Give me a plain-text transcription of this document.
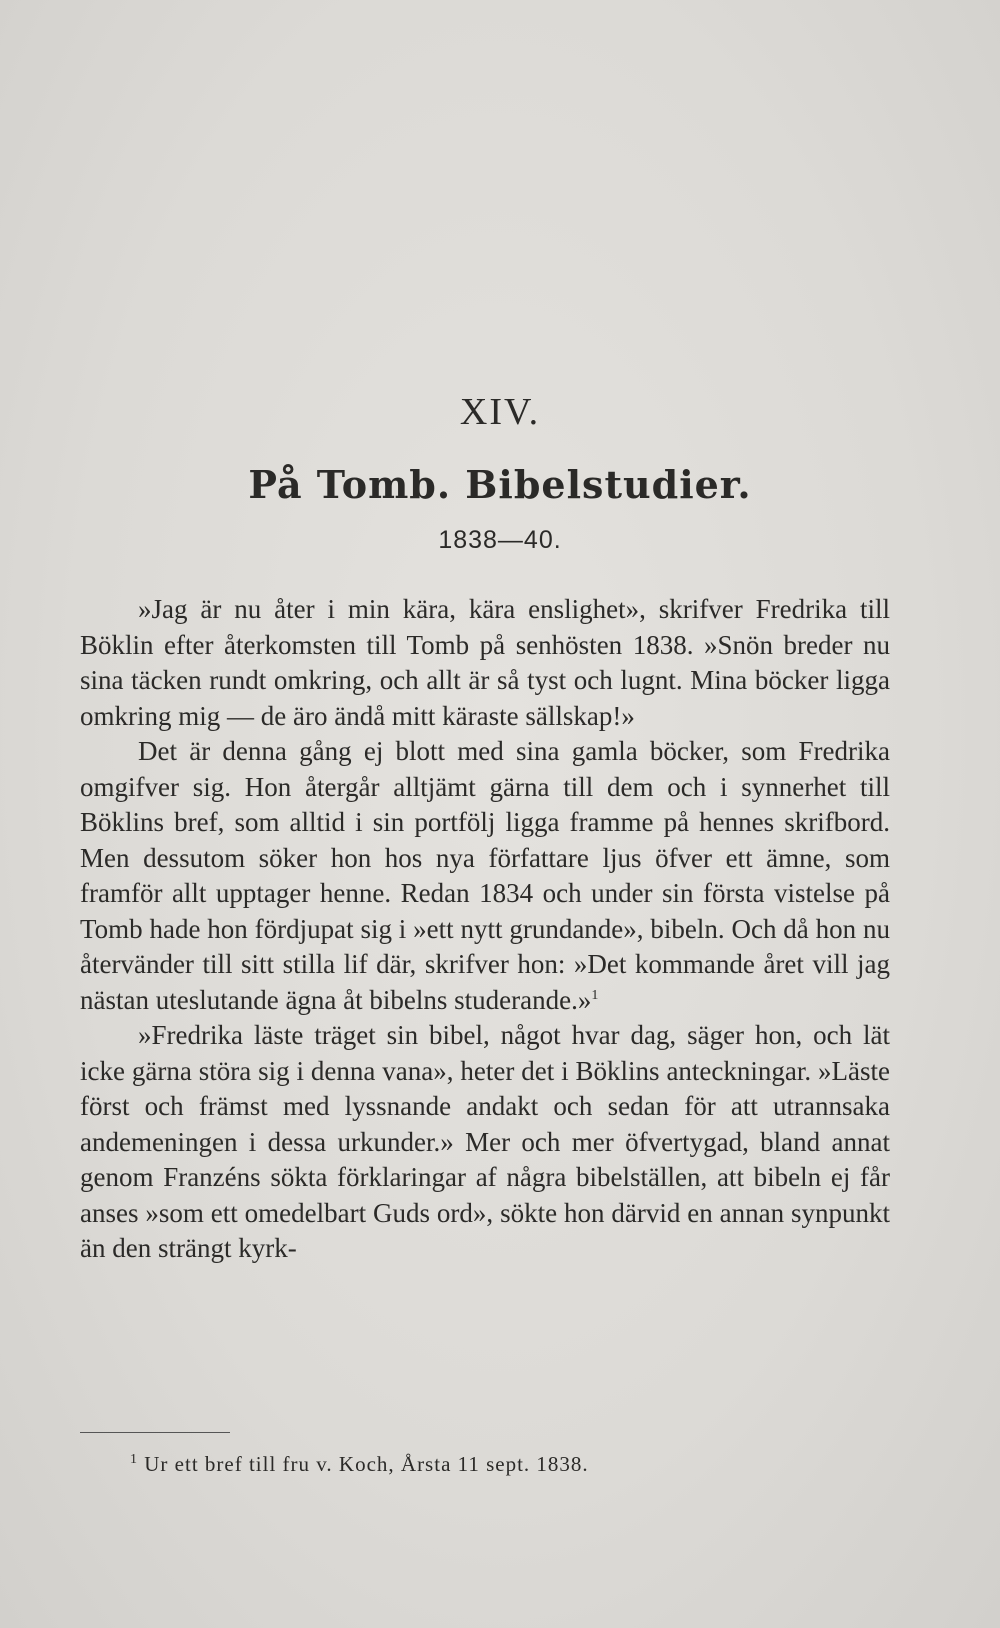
XIV.
På Tomb. Bibelstudier.
1838—40.

»Jag är nu åter i min kära, kära enslighet», skrifver Fredrika till Böklin efter återkomsten till Tomb på senhösten 1838. »Snön breder nu sina täcken rundt omkring, och allt är så tyst och lugnt. Mina böcker ligga omkring mig — de äro ändå mitt käraste sällskap!»

Det är denna gång ej blott med sina gamla böcker, som Fredrika omgifver sig. Hon återgår alltjämt gärna till dem och i synnerhet till Böklins bref, som alltid i sin portfölj ligga framme på hennes skrifbord. Men dessutom söker hon hos nya författare ljus öfver ett ämne, som framför allt upptager henne. Redan 1834 och under sin första vistelse på Tomb hade hon fördjupat sig i »ett nytt grundande», bibeln. Och då hon nu återvänder till sitt stilla lif där, skrifver hon: »Det kommande året vill jag nästan uteslutande ägna åt bibelns studerande.»$^1$

»Fredrika läste träget sin bibel, något hvar dag, säger hon, och lät icke gärna störa sig i denna vana», heter det i Böklins anteckningar. »Läste först och främst med lyssnande andakt och sedan för att utrannsaka andemeningen i dessa urkunder.» Mer och mer öfvertygad, bland annat genom Franzéns sökta förklaringar af några bibelställen, att bibeln ej får anses »som ett omedelbart Guds ord», sökte hon därvid en annan synpunkt än den strängt kyrk-

$^1$ Ur ett bref till fru v. Koch, Årsta 11 sept. 1838.
